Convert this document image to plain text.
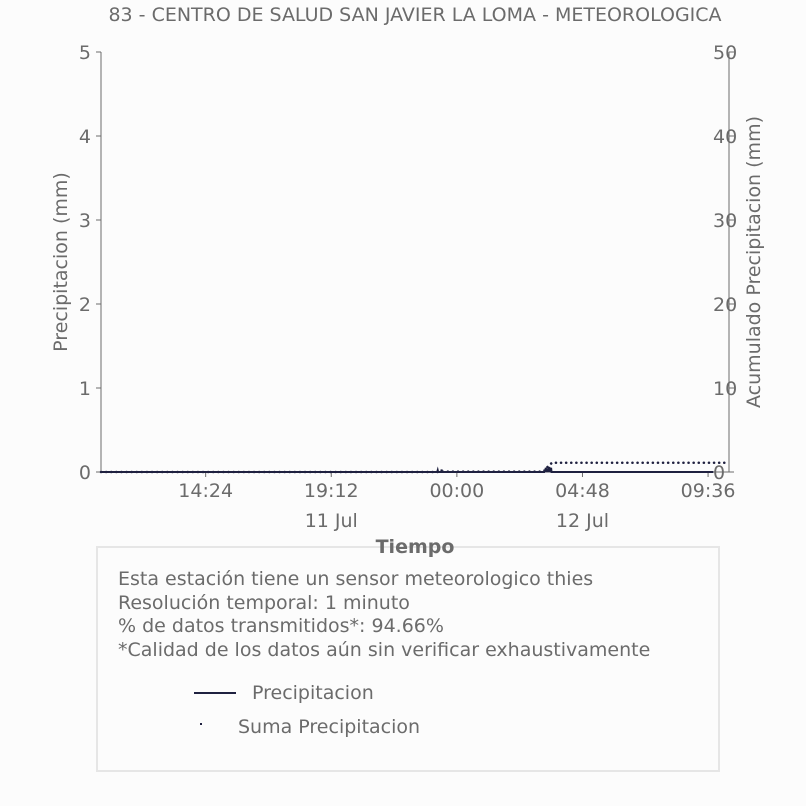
83 - CENTRO DE SALUD SAN JAVIER LA LOMA - METEOROLOGICA
0
1
2
3
4
5
0
10
20
30
40
50
14:24	19:12
11 Jul
00:00	04:48
12 Jul
09:36
Precipitacion (mm)	Acumulado Precipitacion (mm)
Esta estación tiene un sensor meteorologico thies
Resolución temporal: 1 minuto
% de datos transmitidos*: 94.66%
*Calidad de los datos aún sin verificar exhaustivamente
Precipitacion
Suma Precipitacion
Tiempo
